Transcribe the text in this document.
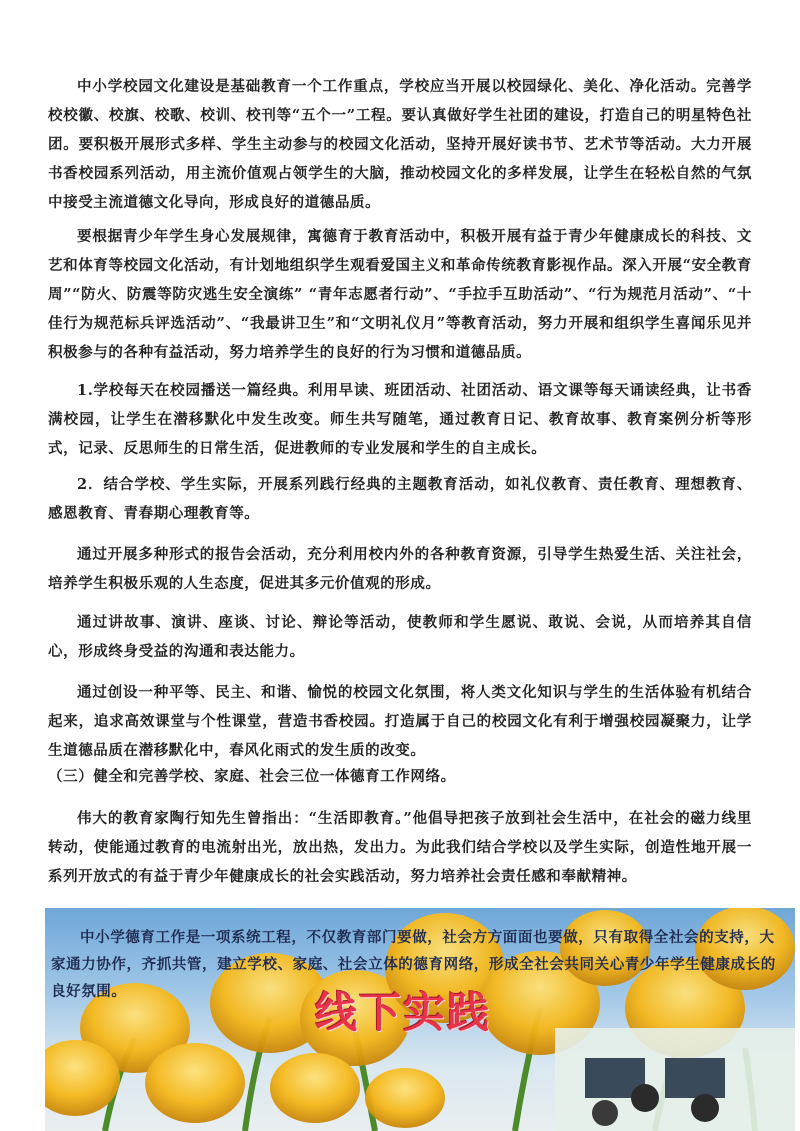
中小学校园文化建设是基础教育一个工作重点，学校应当开展以校园绿化、美化、净化活动。完善学校校徽、校旗、校歌、校训、校刊等“五个一”工程。要认真做好学生社团的建设，打造自己的明星特色社团。要积极开展形式多样、学生主动参与的校园文化活动，坚持开展好读书节、艺术节等活动。大力开展书香校园系列活动，用主流价值观占领学生的大脑，推动校园文化的多样发展，让学生在轻松自然的气氛中接受主流道德文化导向，形成良好的道德品质。

要根据青少年学生身心发展规律，寓德育于教育活动中，积极开展有益于青少年健康成长的科技、文艺和体育等校园文化活动，有计划地组织学生观看爱国主义和革命传统教育影视作品。深入开展“安全教育周”“防火、防震等防灾逃生安全演练” “青年志愿者行动”、“手拉手互助活动”、“行为规范月活动”、“十佳行为规范标兵评选活动”、“我最讲卫生”和“文明礼仪月”等教育活动，努力开展和组织学生喜闻乐见并积极参与的各种有益活动，努力培养学生的良好的行为习惯和道德品质。

1.学校每天在校园播送一篇经典。利用早读、班团活动、社团活动、语文课等每天诵读经典，让书香满校园，让学生在潜移默化中发生改变。师生共写随笔，通过教育日记、教育故事、教育案例分析等形式，记录、反思师生的日常生活，促进教师的专业发展和学生的自主成长。

2．结合学校、学生实际，开展系列践行经典的主题教育活动，如礼仪教育、责任教育、理想教育、感恩教育、青春期心理教育等。

通过开展多种形式的报告会活动，充分利用校内外的各种教育资源，引导学生热爱生活、关注社会，培养学生积极乐观的人生态度，促进其多元价值观的形成。

通过讲故事、演讲、座谈、讨论、辩论等活动，使教师和学生愿说、敢说、会说，从而培养其自信心，形成终身受益的沟通和表达能力。

通过创设一种平等、民主、和谐、愉悦的校园文化氛围，将人类文化知识与学生的生活体验有机结合起来，追求高效课堂与个性课堂，营造书香校园。打造属于自己的校园文化有利于增强校园凝聚力，让学生道德品质在潜移默化中，春风化雨式的发生质的改变。

（三）健全和完善学校、家庭、社会三位一体德育工作网络。

伟大的教育家陶行知先生曾指出：“生活即教育。”他倡导把孩子放到社会生活中，在社会的磁力线里转动，使能通过教育的电流射出光，放出热，发出力。为此我们结合学校以及学生实际，创造性地开展一系列开放式的有益于青少年健康成长的社会实践活动，努力培养社会责任感和奉献精神。

中小学德育工作是一项系统工程，不仅教育部门要做，社会方方面面也要做，只有取得全社会的支持，大家通力协作，齐抓共管，建立学校、家庭、社会立体的德育网络，形成全社会共同关心青少年学生健康成长的良好氛围。	线下实践
